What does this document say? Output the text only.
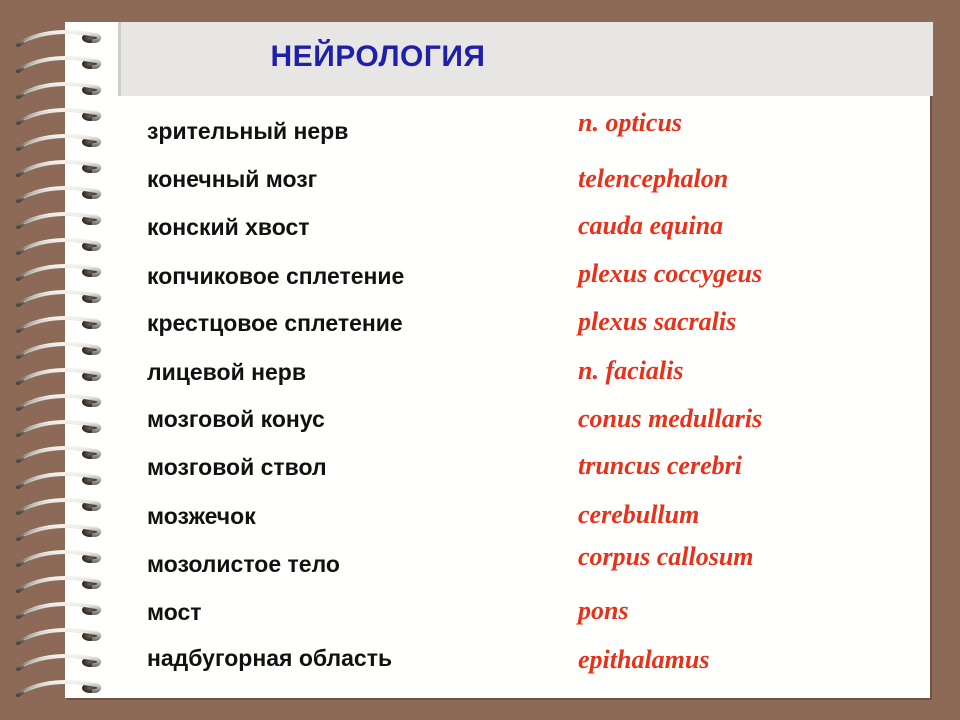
НЕЙРОЛОГИЯ
зрительный нерв	n. opticus
конечный мозг	telencephalon
конский хвост	cauda equina
копчиковое сплетение	plexus coccygeus
крестцовое сплетение	plexus sacralis
лицевой нерв	n. facialis
мозговой конус	conus medullaris
мозговой ствол	truncus cerebri
мозжечок	cerebullum
мозолистое тело	corpus callosum
мост	pons
надбугорная область	epithalamus
